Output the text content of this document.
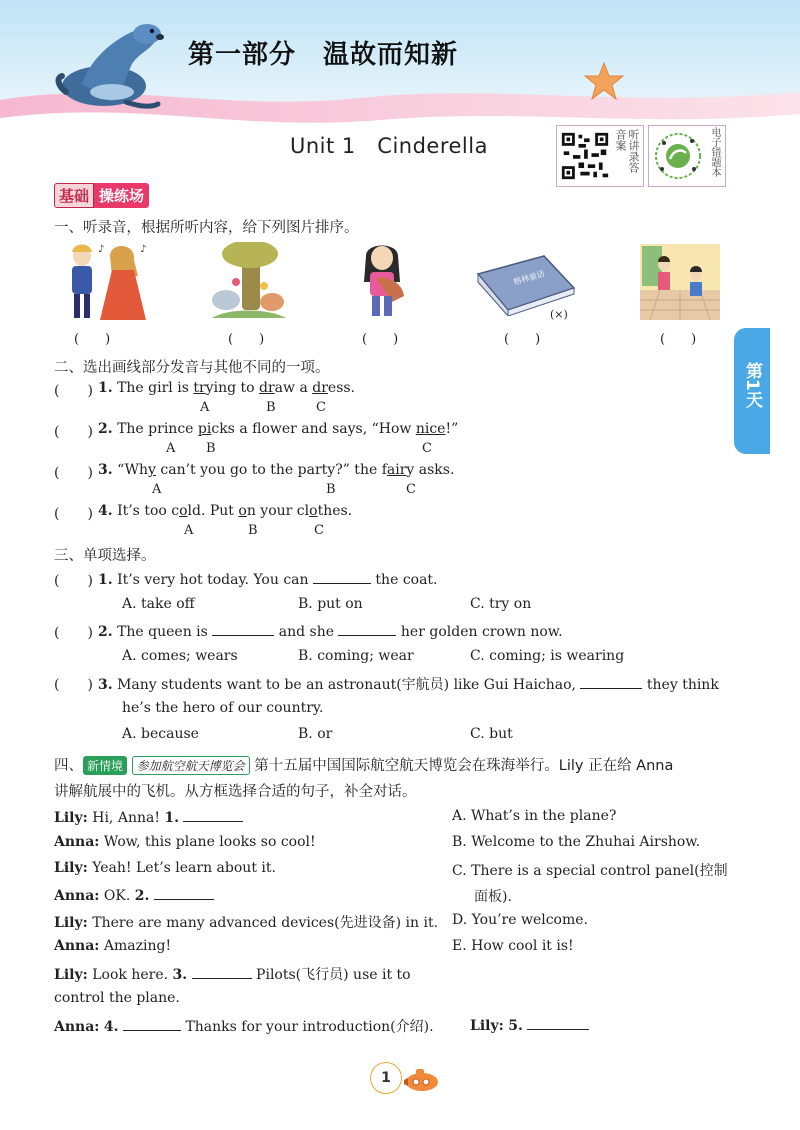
第一部分　温故而知新
Unit 1　Cinderella	听讲录答音案	电子错题本
第1天
基础 操练场
一、听录音，根据所听内容，给下列图片排序。
♪	♪
(　　)	(　　)	(　　)
格林童话
(×)
(　　)	(　　)
二、选出画线部分发音与其他不同的一项。
(　　) 1. The girl is trying to draw a dress.
A	B	C
(　　) 2. The prince picks a flower and says, “How nice!”
A B	C
(　　) 3. “Why can’t you go to the party?” the fairy asks.
A	B	C
(　　) 4. It’s too cold. Put on your clothes.
A	B	C
三、单项选择。
(　　) 1. It’s very hot today. You can	the coat.
A. take off	B. put on	C. try on
(　　) 2. The queen is	and she	her golden crown now.
A. comes; wears	B. coming; wear	C. coming; is wearing
(　　) 3. Many students want to be an astronaut(宇航员) like Gui Haichao,	they think
he’s the hero of our country.
A. because	B. or	C. but
四、 新情境 参加航空航天博览会 第十五届中国国际航空航天博览会在珠海举行。Lily 正在给 Anna
讲解航展中的飞机。从方框选择合适的句子，补全对话。
Lily: Hi, Anna! 1.
Anna: Wow, this plane looks so cool!
Lily: Yeah! Let’s learn about it.
Anna: OK. 2.
Lily: There are many advanced devices(先进设备) in it.
Anna: Amazing!
Lily: Look here. 3.	Pilots(飞行员) use it to
control the plane.
Anna: 4.	Thanks for your introduction(介绍).	Lily: 5.
A. What’s in the plane?
B. Welcome to the Zhuhai Airshow.
C. There is a special control panel(控制
面板).
D. You’re welcome.
E. How cool it is!
1
